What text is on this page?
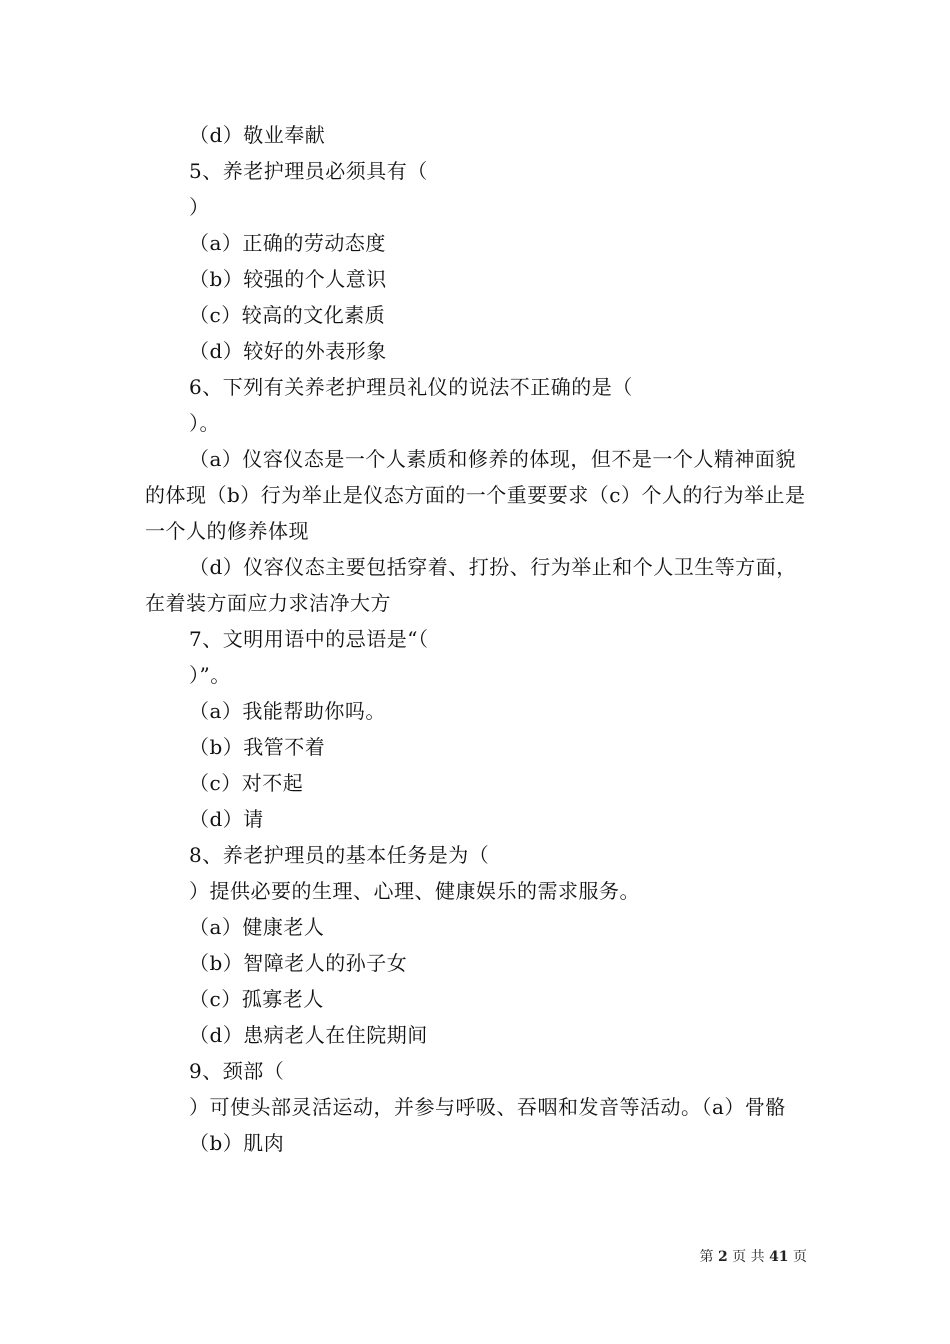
（d）敬业奉献

5、养老护理员必须具有（

）

（a）正确的劳动态度

（b）较强的个人意识

（c）较高的文化素质

（d）较好的外表形象

6、下列有关养老护理员礼仪的说法不正确的是（

）。

（a）仪容仪态是一个人素质和修养的体现，但不是一个人精神面貌的体现（b）行为举止是仪态方面的一个重要要求（c）个人的行为举止是一个人的修养体现

（d）仪容仪态主要包括穿着、打扮、行为举止和个人卫生等方面，在着装方面应力求洁净大方

7、文明用语中的忌语是“（

）”。

（a）我能帮助你吗。

（b）我管不着

（c）对不起

（d）请

8、养老护理员的基本任务是为（

）提供必要的生理、心理、健康娱乐的需求服务。

（a）健康老人

（b）智障老人的孙子女

（c）孤寡老人

（d）患病老人在住院期间

9、颈部（

）可使头部灵活运动，并参与呼吸、吞咽和发音等活动。（a）骨骼

（b）肌肉

第 2 页 共 41 页
